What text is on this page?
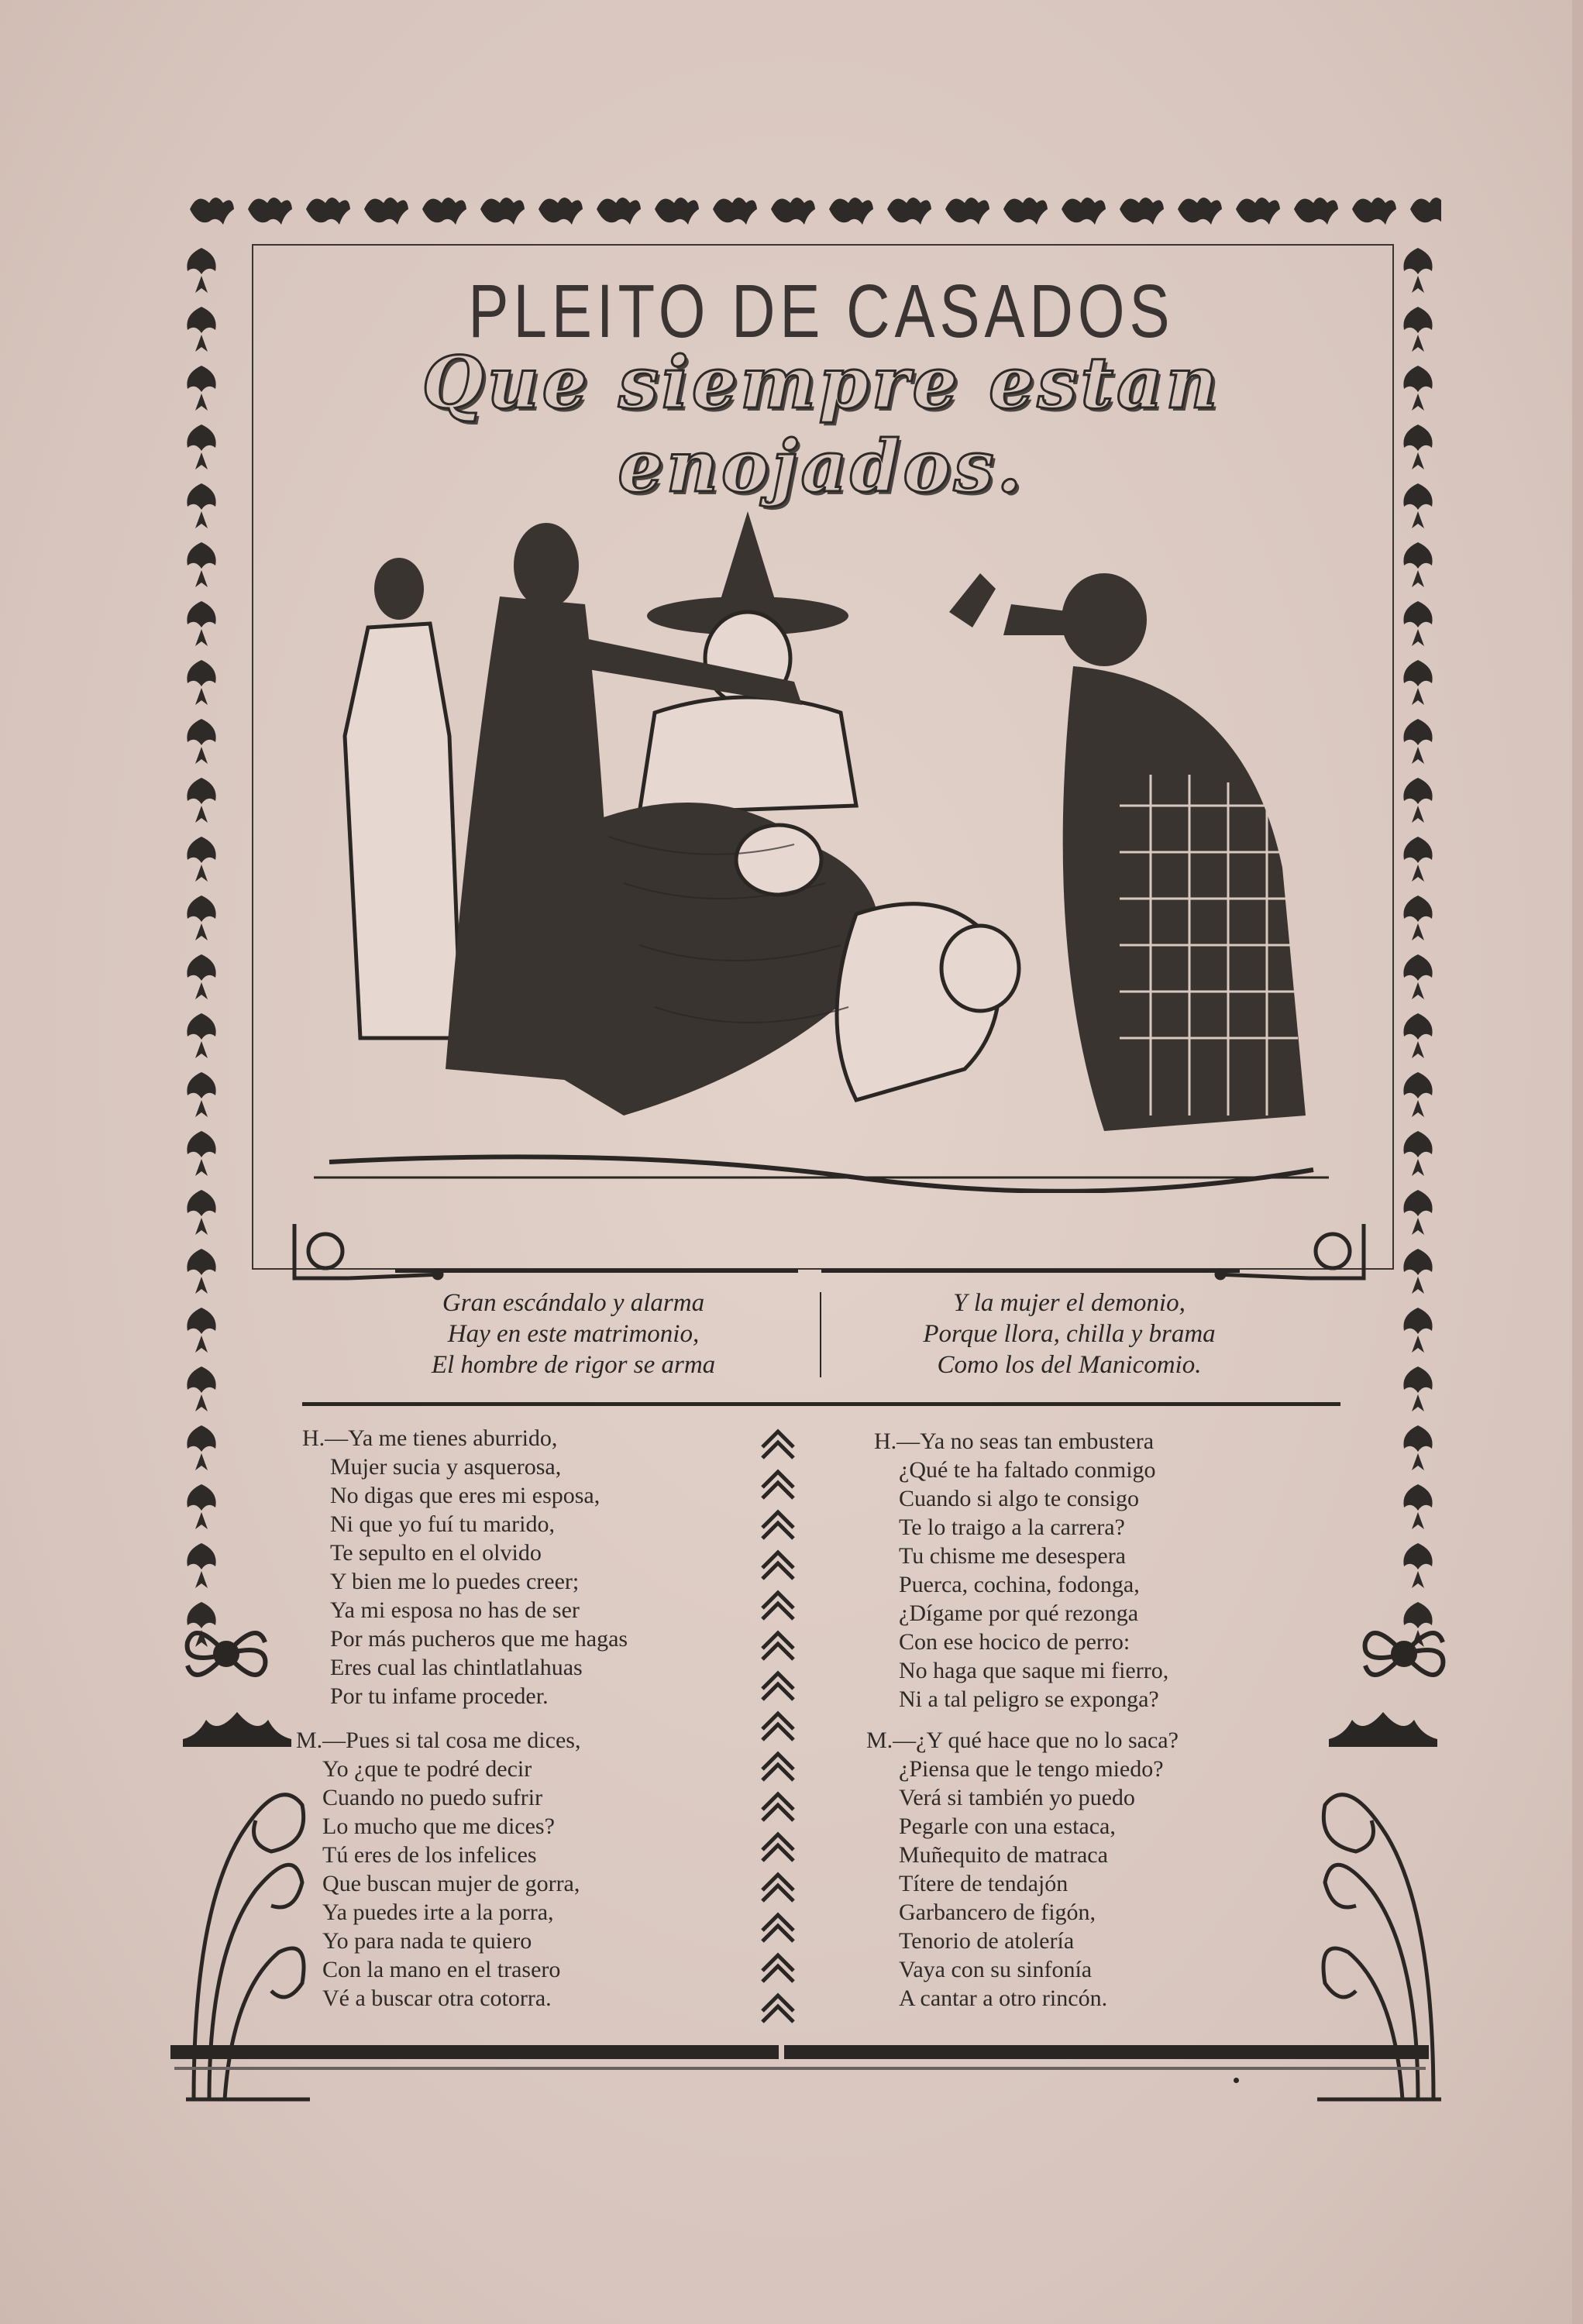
PLEITO DE CASADOS
Que siempre estan enojados.
Gran escándalo y alarma
Hay en este matrimonio,
El hombre de rigor se arma
Y la mujer el demonio,
Porque llora, chilla y brama
Como los del Manicomio.
H.—Ya me tienes aburrido,
Mujer sucia y asquerosa,
No digas que eres mi esposa,
Ni que yo fuí tu marido,
Te sepulto en el olvido
Y bien me lo puedes creer;
Ya mi esposa no has de ser
Por más pucheros que me hagas
Eres cual las chintlatlahuas
Por tu infame proceder.
M.—Pues si tal cosa me dices,
Yo ¿que te podré decir
Cuando no puedo sufrir
Lo mucho que me dices?
Tú eres de los infelices
Que buscan mujer de gorra,
Ya puedes irte a la porra,
Yo para nada te quiero
Con la mano en el trasero
Vé a buscar otra cotorra.
H.—Ya no seas tan embustera
¿Qué te ha faltado conmigo
Cuando si algo te consigo
Te lo traigo a la carrera?
Tu chisme me desespera
Puerca, cochina, fodonga,
¿Dígame por qué rezonga
Con ese hocico de perro:
No haga que saque mi fierro,
Ni a tal peligro se exponga?
M.—¿Y qué hace que no lo saca?
¿Piensa que le tengo miedo?
Verá si también yo puedo
Pegarle con una estaca,
Muñequito de matraca
Títere de tendajón
Garbancero de figón,
Tenorio de atolería
Vaya con su sinfonía
A cantar a otro rincón.
